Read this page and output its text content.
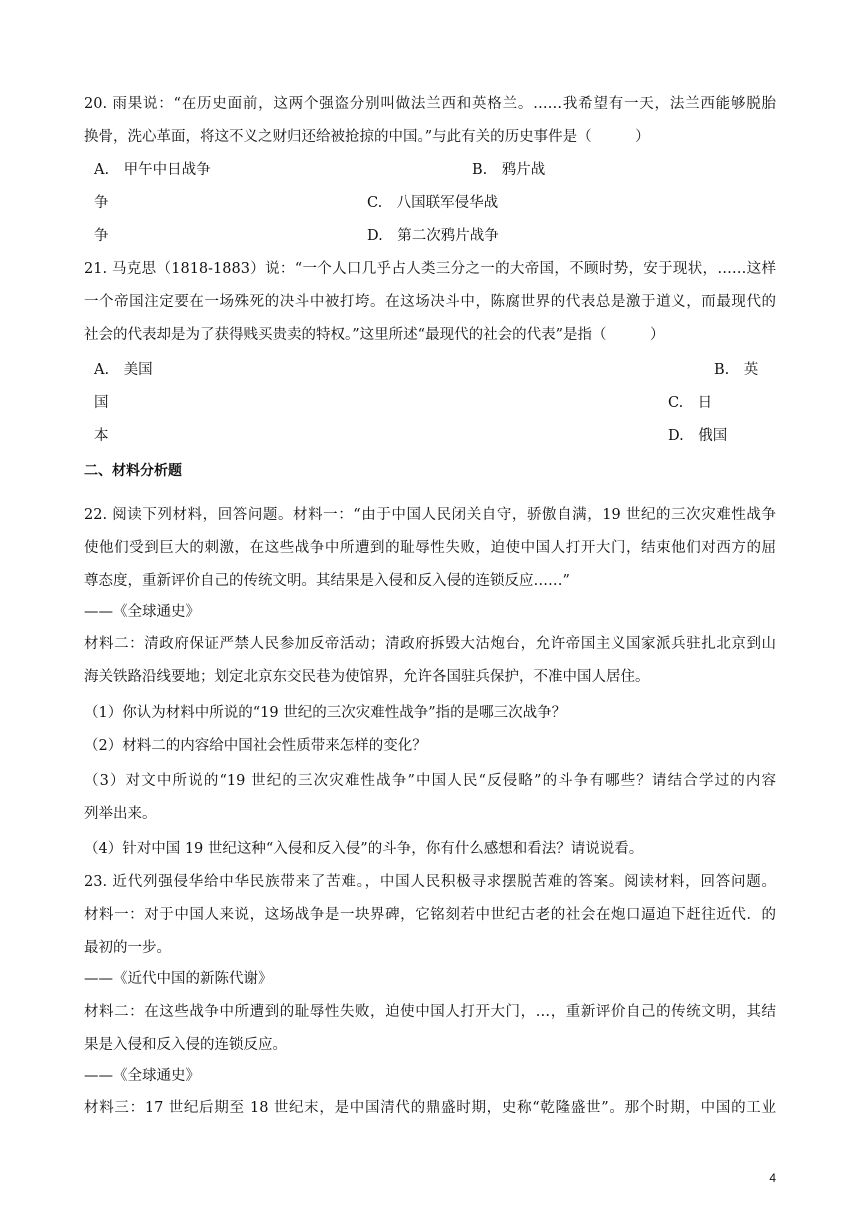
20. 雨果说：“在历史面前，这两个强盗分别叫做法兰西和英格兰。……我希望有一天，法兰西能够脱胎
换骨，洗心革面，将这不义之财归还给被抢掠的中国。”与此有关的历史事件是（　　　）
A.　甲午中日战争	B.　鸦片战
争	C.　八国联军侵华战
争	D.　第二次鸦片战争
21. 马克思（1818-1883）说：“一个人口几乎占人类三分之一的大帝国，不顾时势，安于现状，……这样
一个帝国注定要在一场殊死的决斗中被打垮。在这场决斗中，陈腐世界的代表总是激于道义，而最现代的
社会的代表却是为了获得贱买贵卖的特权。”这里所述“最现代的社会的代表”是指（　　　）
A.　美国	B.　英
国	C.　日
本	D.　俄国
二、材料分析题
22. 阅读下列材料，回答问题。材料一：“由于中国人民闭关自守，骄傲自满，19 世纪的三次灾难性战争
使他们受到巨大的刺激，在这些战争中所遭到的耻辱性失败，迫使中国人打开大门，结束他们对西方的屈
尊态度，重新评价自己的传统文明。其结果是入侵和反入侵的连锁反应……”
——《全球通史》
材料二：清政府保证严禁人民参加反帝活动；清政府拆毁大沽炮台，允许帝国主义国家派兵驻扎北京到山
海关铁路沿线要地；划定北京东交民巷为使馆界，允许各国驻兵保护，不准中国人居住。
（1）你认为材料中所说的“19 世纪的三次灾难性战争”指的是哪三次战争？
（2）材料二的内容给中国社会性质带来怎样的变化？
（3）对文中所说的“19 世纪的三次灾难性战争”中国人民“反侵略”的斗争有哪些？请结合学过的内容
列举出来。
（4）针对中国 19 世纪这种“入侵和反入侵”的斗争，你有什么感想和看法？请说说看。
23. 近代列强侵华给中华民族带来了苦难。，中国人民积极寻求摆脱苦难的答案。阅读材料，回答问题。
材料一：对于中国人来说，这场战争是一块界碑，它铭刻若中世纪古老的社会在炮口逼迫下赶往近代．的
最初的一步。
——《近代中国的新陈代谢》
材料二：在这些战争中所遭到的耻辱性失败，迫使中国人打开大门，…，重新评价自己的传统文明，其结
果是入侵和反入侵的连锁反应。
——《全球通史》
材料三：17 世纪后期至 18 世纪末，是中国清代的鼎盛时期，史称“乾隆盛世”。那个时期，中国的工业
4
